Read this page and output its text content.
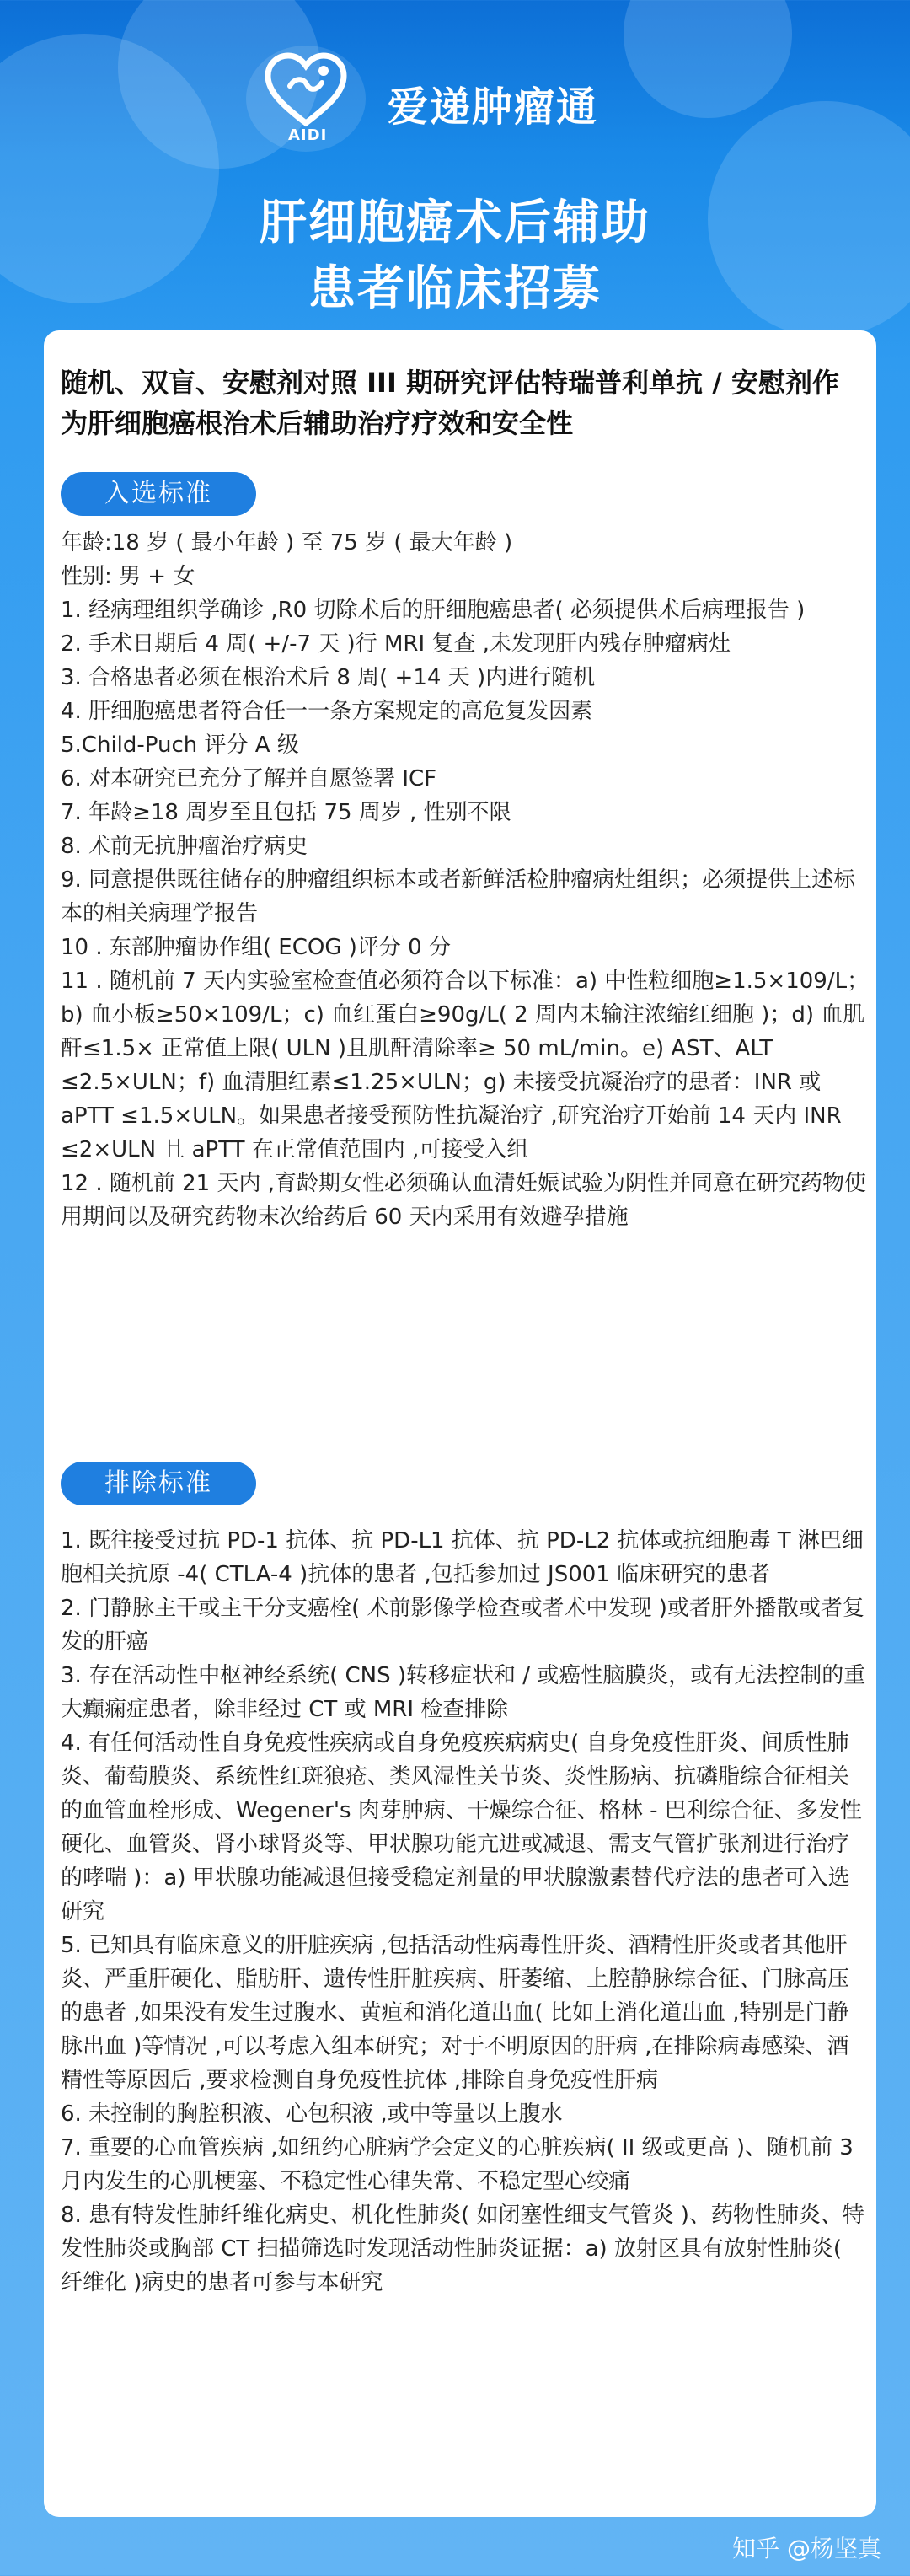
AIDI
爱递肿瘤通
肝细胞癌术后辅助
患者临床招募
随机、双盲、安慰剂对照 III 期研究评估特瑞普利单抗 / 安慰剂作为肝细胞癌根治术后辅助治疗疗效和安全性
入选标准

年龄:18 岁 ( 最小年龄 ) 至 75 岁 ( 最大年龄 )

性别: 男 + 女

1. 经病理组织学确诊 ,R0 切除术后的肝细胞癌患者( 必须提供术后病理报告 )

2. 手术日期后 4 周( +/-7 天 )行 MRI 复查 ,未发现肝内残存肿瘤病灶

3. 合格患者必须在根治术后 8 周( +14 天 )内进行随机

4. 肝细胞癌患者符合任一一条方案规定的高危复发因素

5.Child-Puch 评分 A 级

6. 对本研究已充分了解并自愿签署 ICF

7. 年龄≥18 周岁至且包括 75 周岁 , 性别不限

8. 术前无抗肿瘤治疗病史

9. 同意提供既往储存的肿瘤组织标本或者新鲜活检肿瘤病灶组织；必须提供上述标本的相关病理学报告

10 . 东部肿瘤协作组( ECOG )评分 0 分

11 . 随机前 7 天内实验室检查值必须符合以下标准：a) 中性粒细胞≥1.5×109/L；b) 血小板≥50×109/L；c) 血红蛋白≥90g/L( 2 周内未输注浓缩红细胞 )；d) 血肌酐≤1.5× 正常值上限( ULN )且肌酐清除率≥ 50 mL/min。e) AST、ALT ≤2.5×ULN；f) 血清胆红素≤1.25×ULN；g) 未接受抗凝治疗的患者：INR 或 aPTT ≤1.5×ULN。如果患者接受预防性抗凝治疗 ,研究治疗开始前 14 天内 INR ≤2×ULN 且 aPTT 在正常值范围内 ,可接受入组

12 . 随机前 21 天内 ,育龄期女性必须确认血清妊娠试验为阴性并同意在研究药物使用期间以及研究药物末次给药后 60 天内采用有效避孕措施

排除标准

1. 既往接受过抗 PD-1 抗体、抗 PD-L1 抗体、抗 PD-L2 抗体或抗细胞毒 T 淋巴细胞相关抗原 -4( CTLA-4 )抗体的患者 ,包括参加过 JS001 临床研究的患者

2. 门静脉主干或主干分支癌栓( 术前影像学检查或者术中发现 )或者肝外播散或者复发的肝癌

3. 存在活动性中枢神经系统( CNS )转移症状和 / 或癌性脑膜炎，或有无法控制的重大癫痫症患者，除非经过 CT 或 MRI 检查排除

4. 有任何活动性自身免疫性疾病或自身免疫疾病病史( 自身免疫性肝炎、间质性肺炎、葡萄膜炎、系统性红斑狼疮、类风湿性关节炎、炎性肠病、抗磷脂综合征相关的血管血栓形成、Wegener's 肉芽肿病、干燥综合征、格林 - 巴利综合征、多发性硬化、血管炎、肾小球肾炎等、甲状腺功能亢进或减退、需支气管扩张剂进行治疗的哮喘 )：a) 甲状腺功能减退但接受稳定剂量的甲状腺激素替代疗法的患者可入选研究

5. 已知具有临床意义的肝脏疾病 ,包括活动性病毒性肝炎、酒精性肝炎或者其他肝炎、严重肝硬化、脂肪肝、遗传性肝脏疾病、肝萎缩、上腔静脉综合征、门脉高压的患者 ,如果没有发生过腹水、黄疸和消化道出血( 比如上消化道出血 ,特别是门静脉出血 )等情况 ,可以考虑入组本研究；对于不明原因的肝病 ,在排除病毒感染、酒精性等原因后 ,要求检测自身免疫性抗体 ,排除自身免疫性肝病

6. 未控制的胸腔积液、心包积液 ,或中等量以上腹水

7. 重要的心血管疾病 ,如纽约心脏病学会定义的心脏疾病( II 级或更高 )、随机前 3 月内发生的心肌梗塞、不稳定性心律失常、不稳定型心绞痛

8. 患有特发性肺纤维化病史、机化性肺炎( 如闭塞性细支气管炎 )、药物性肺炎、特发性肺炎或胸部 CT 扫描筛选时发现活动性肺炎证据：a) 放射区具有放射性肺炎( 纤维化 )病史的患者可参与本研究

知乎 @杨坚真
